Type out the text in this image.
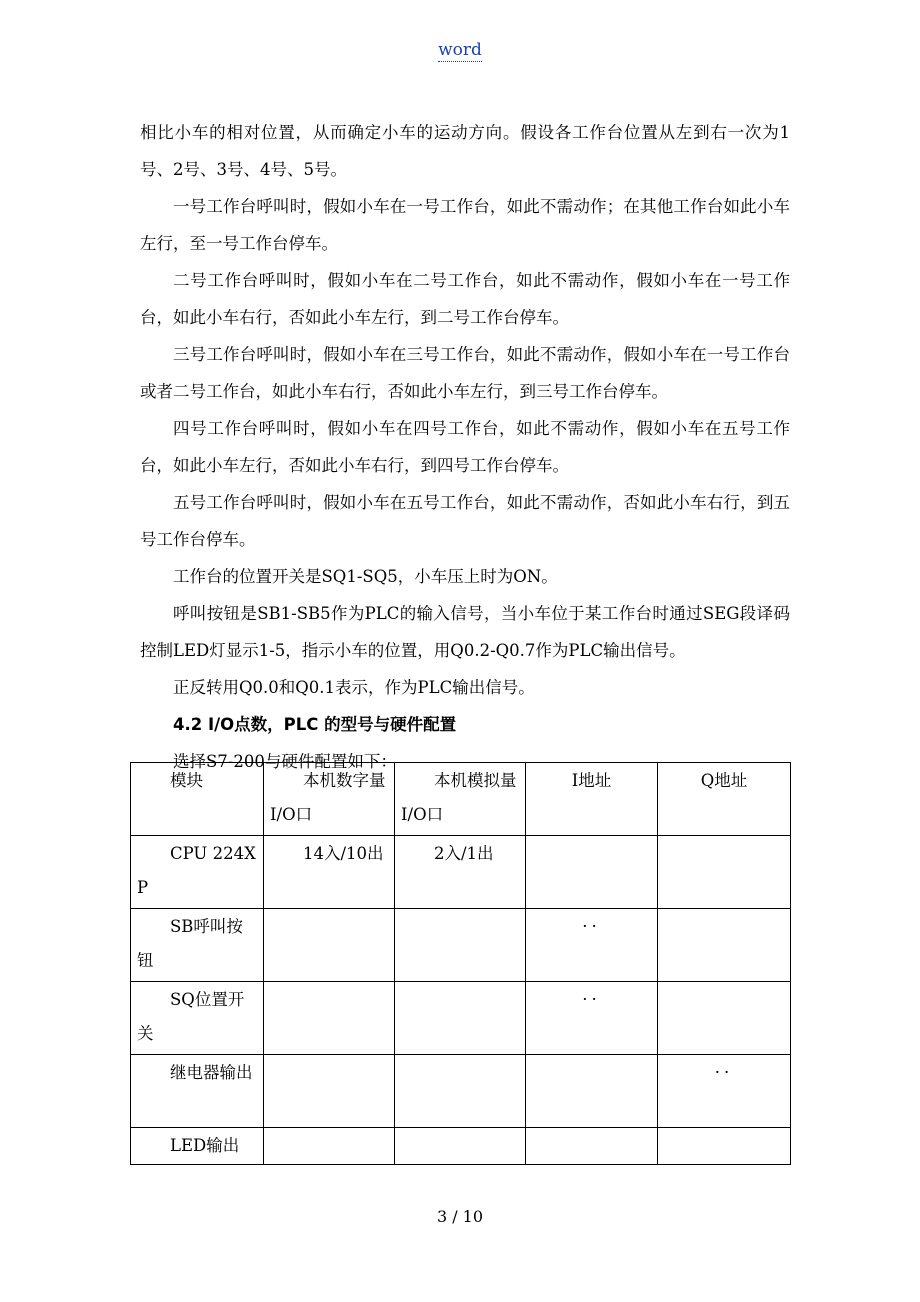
word

相比小车的相对位置，从而确定小车的运动方向。假设各工作台位置从左到右一次为1号、2号、3号、4号、5号。

一号工作台呼叫时，假如小车在一号工作台，如此不需动作；在其他工作台如此小车左行，至一号工作台停车。

二号工作台呼叫时，假如小车在二号工作台，如此不需动作，假如小车在一号工作台，如此小车右行，否如此小车左行，到二号工作台停车。

三号工作台呼叫时，假如小车在三号工作台，如此不需动作，假如小车在一号工作台或者二号工作台，如此小车右行，否如此小车左行，到三号工作台停车。

四号工作台呼叫时，假如小车在四号工作台，如此不需动作，假如小车在五号工作台，如此小车左行，否如此小车右行，到四号工作台停车。

五号工作台呼叫时，假如小车在五号工作台，如此不需动作，否如此小车右行，到五号工作台停车。

工作台的位置开关是SQ1-SQ5，小车压上时为ON。

呼叫按钮是SB1-SB5作为PLC的输入信号，当小车位于某工作台时通过SEG段译码控制LED灯显示1-5，指示小车的位置，用Q0.2-Q0.7作为PLC输出信号。

正反转用Q0.0和Q0.1表示，作为PLC输出信号。

4.2 I/O点数，PLC 的型号与硬件配置

选择S7-200与硬件配置如下：

模块	本机数字量I/O口	本机模拟量I/O口	I地址	Q地址
CPU 224XP	14入/10出	2入/1出		
SB呼叫按钮			··	
SQ位置开关			··	
继电器输出				··
LED输出				
3 / 10
